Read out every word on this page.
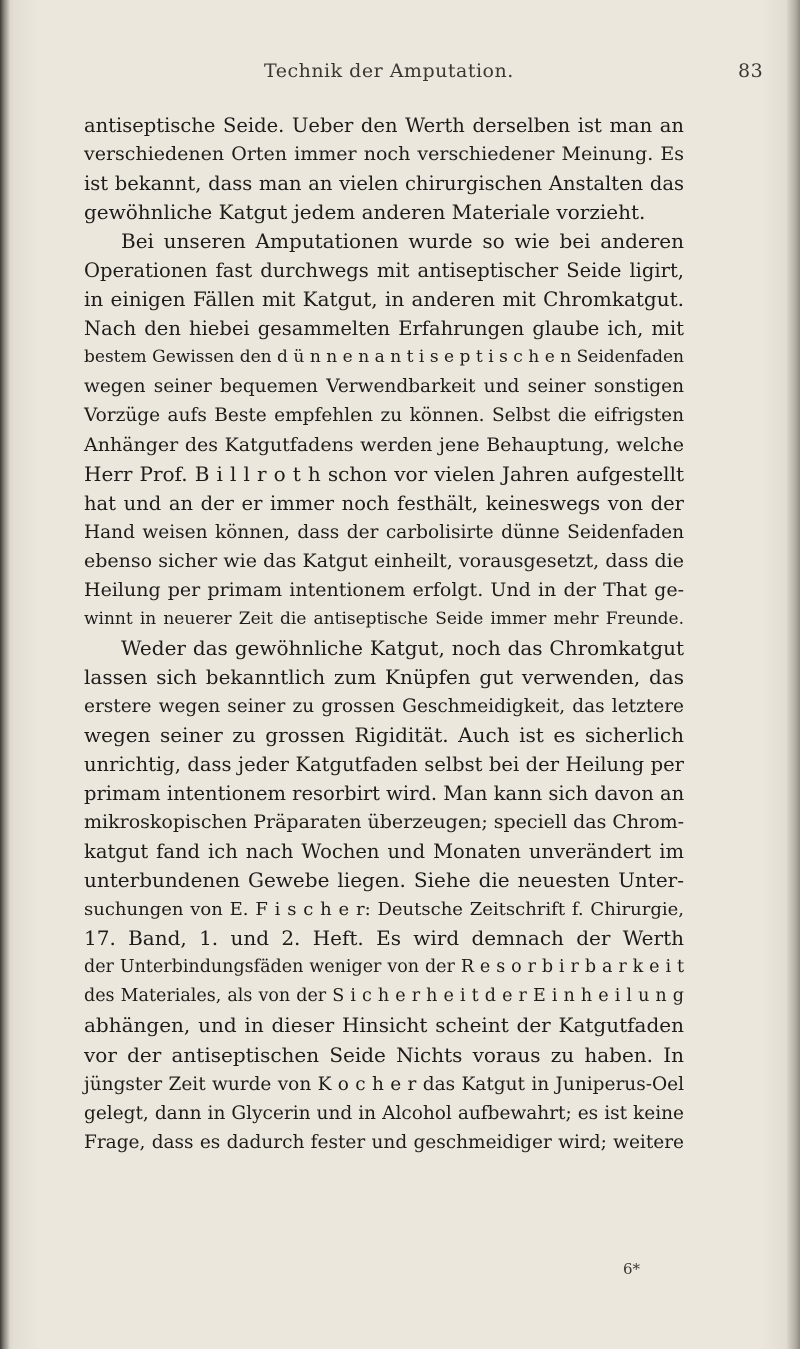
Technik der Amputation.	83
antiseptische Seide. Ueber den Werth derselben ist man an
verschiedenen Orten immer noch verschiedener Meinung. Es
ist bekannt, dass man an vielen chirurgischen Anstalten das
gewöhnliche Katgut jedem anderen Materiale vorzieht.
Bei unseren Amputationen wurde so wie bei anderen
Operationen fast durchwegs mit antiseptischer Seide ligirt,
in einigen Fällen mit Katgut, in anderen mit Chromkatgut.
Nach den hiebei gesammelten Erfahrungen glaube ich, mit
bestem Gewissen den d ü n n e n a n t i s e p t i s c h e n Seidenfaden
wegen seiner bequemen Verwendbarkeit und seiner sonstigen
Vorzüge aufs Beste empfehlen zu können. Selbst die eifrigsten
Anhänger des Katgutfadens werden jene Behauptung, welche
Herr Prof. B i l l r o t h schon vor vielen Jahren aufgestellt
hat und an der er immer noch festhält, keineswegs von der
Hand weisen können, dass der carbolisirte dünne Seidenfaden
ebenso sicher wie das Katgut einheilt, vorausgesetzt, dass die
Heilung per primam intentionem erfolgt. Und in der That ge-
winnt in neuerer Zeit die antiseptische Seide immer mehr Freunde.
Weder das gewöhnliche Katgut, noch das Chromkatgut
lassen sich bekanntlich zum Knüpfen gut verwenden, das
erstere wegen seiner zu grossen Geschmeidigkeit, das letztere
wegen seiner zu grossen Rigidität. Auch ist es sicherlich
unrichtig, dass jeder Katgutfaden selbst bei der Heilung per
primam intentionem resorbirt wird. Man kann sich davon an
mikroskopischen Präparaten überzeugen; speciell das Chrom-
katgut fand ich nach Wochen und Monaten unverändert im
unterbundenen Gewebe liegen. Siehe die neuesten Unter-
suchungen von E. F i s c h e r: Deutsche Zeitschrift f. Chirurgie,
17. Band, 1. und 2. Heft. Es wird demnach der Werth
der Unterbindungsfäden weniger von der R e s o r b i r b a r k e i t
des Materiales, als von der S i c h e r h e i t d e r E i n h e i l u n g
abhängen, und in dieser Hinsicht scheint der Katgutfaden
vor der antiseptischen Seide Nichts voraus zu haben. In
jüngster Zeit wurde von K o c h e r das Katgut in Juniperus-Oel
gelegt, dann in Glycerin und in Alcohol aufbewahrt; es ist keine
Frage, dass es dadurch fester und geschmeidiger wird; weitere
6*
